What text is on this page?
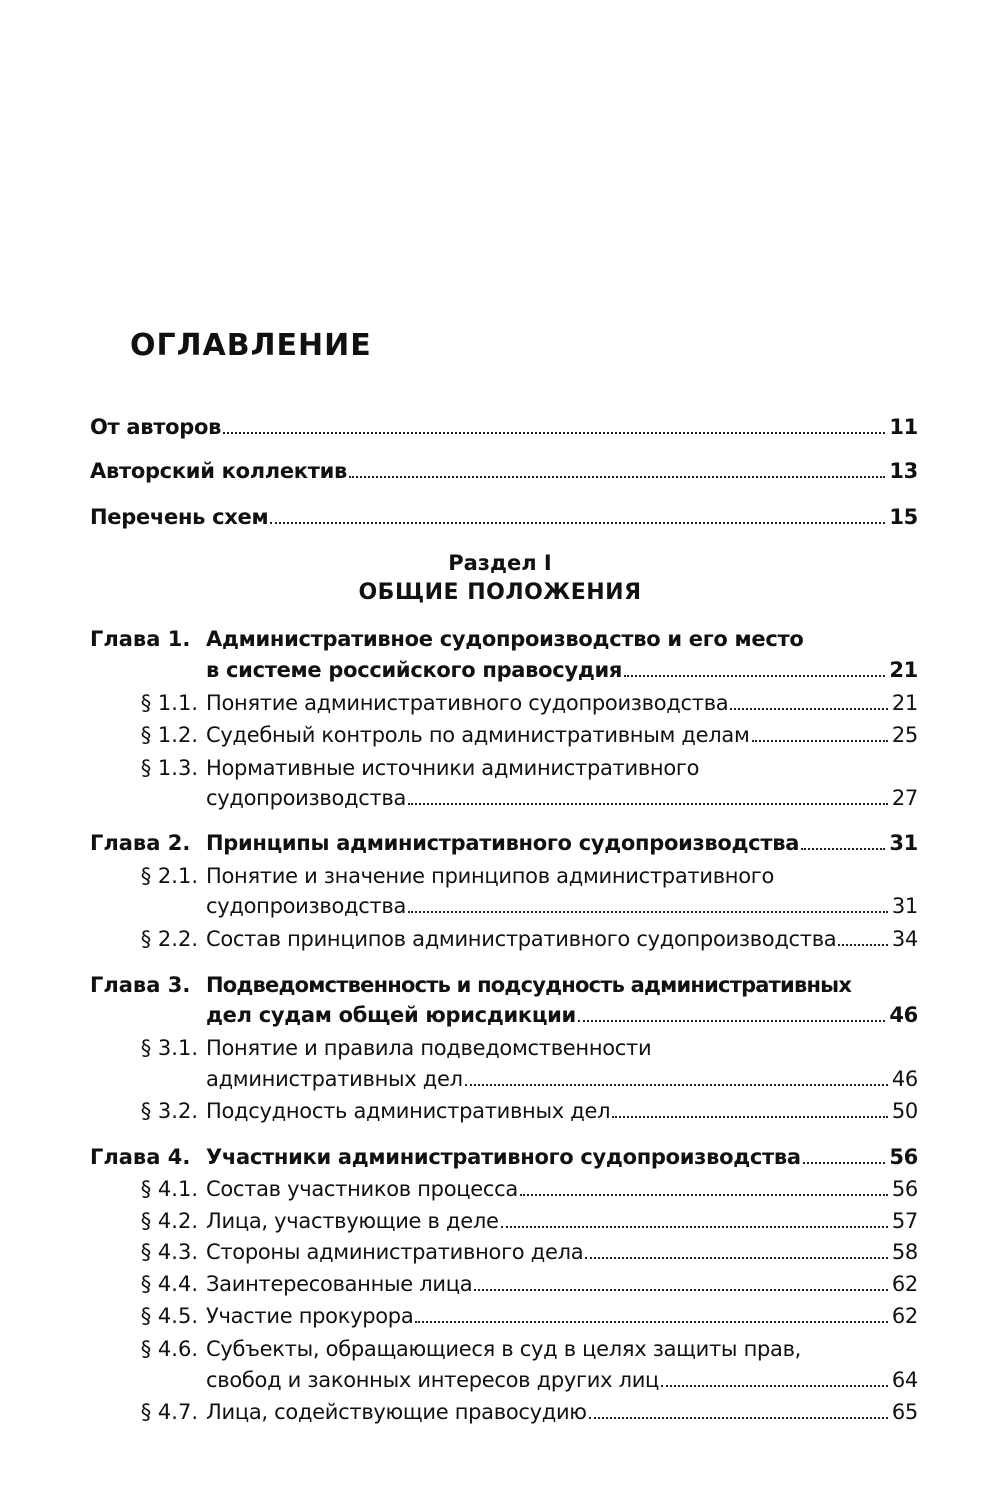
ОГЛАВЛЕНИЕ
От авторов	11
Авторский коллектив	13
Перечень схем	15
Раздел I
ОБЩИЕ ПОЛОЖЕНИЯ
Глава 1. Административное судопроизводство и его место
в системе российского правосудия	21
§ 1.1. Понятие административного судопроизводства	21
§ 1.2. Судебный контроль по административным делам	25
§ 1.3. Нормативные источники административного
судопроизводства	27
Глава 2. Принципы административного судопроизводства	31
§ 2.1. Понятие и значение принципов административного
судопроизводства	31
§ 2.2. Состав принципов административного судопроизводства	34
Глава 3. Подведомственность и подсудность административных
дел судам общей юрисдикции	46
§ 3.1. Понятие и правила подведомственности
административных дел	46
§ 3.2. Подсудность административных дел	50
Глава 4. Участники административного судопроизводства	56
§ 4.1. Состав участников процесса	56
§ 4.2. Лица, участвующие в деле	57
§ 4.3. Стороны административного дела	58
§ 4.4. Заинтересованные лица	62
§ 4.5. Участие прокурора	62
§ 4.6. Субъекты, обращающиеся в суд в целях защиты прав,
свобод и законных интересов других лиц	64
§ 4.7. Лица, содействующие правосудию	65
